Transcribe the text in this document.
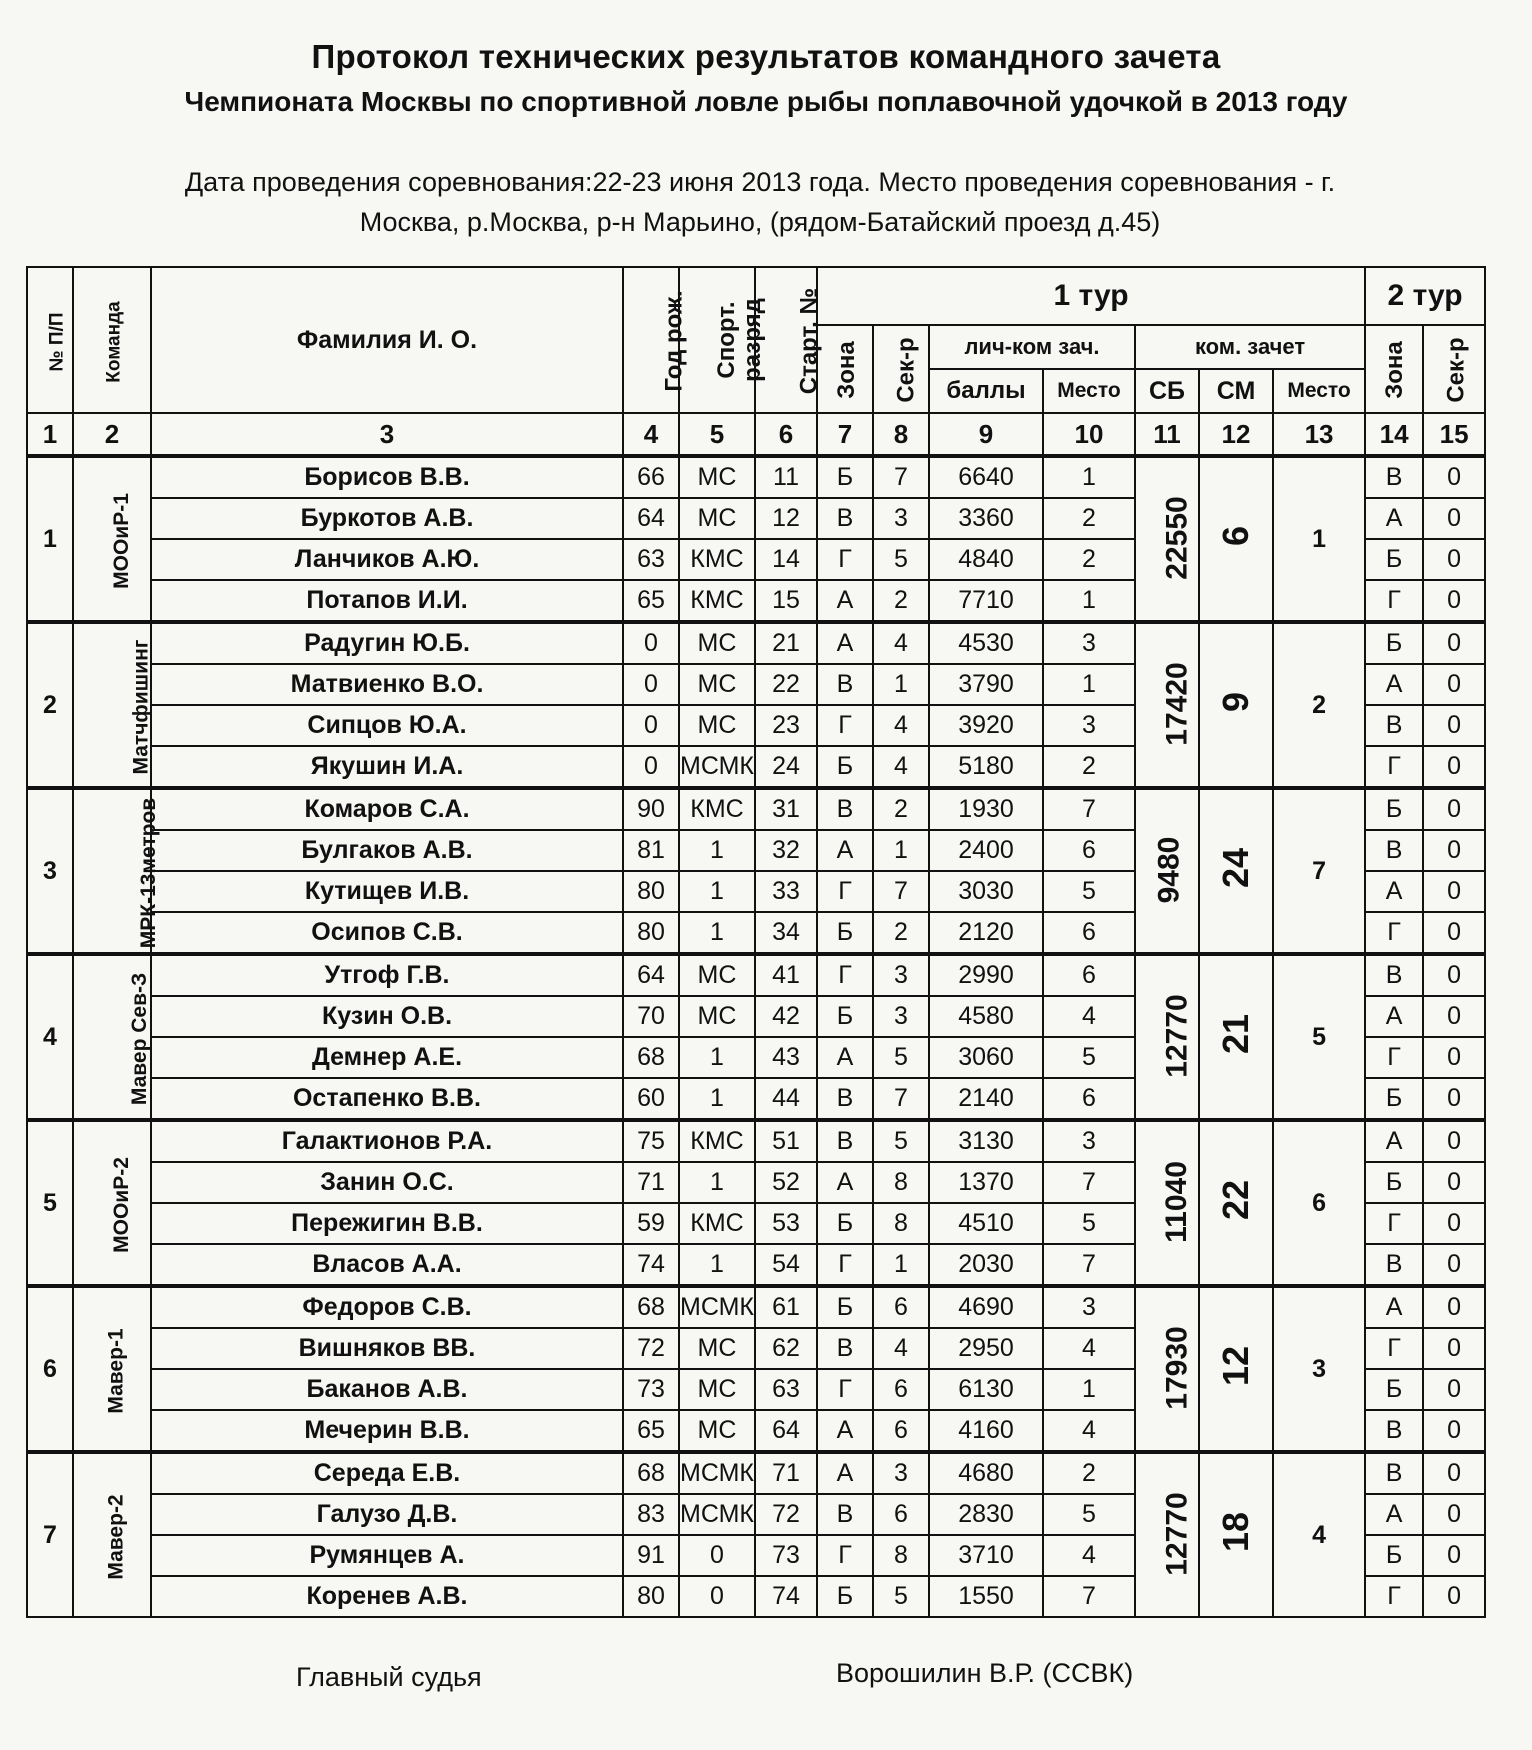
Протокол технических результатов командного зачета
Чемпионата Москвы по спортивной ловле рыбы поплавочной удочкой в 2013 году
Дата проведения соревнования:22-23 июня 2013 года. Место проведения соревнования - г.
Москва, р.Москва, р-н Марьино, (рядом-Батайский проезд д.45)
№ П/П	Команда	Фамилия И. О.	Год рож.	Спорт.
разряд	Старт. №	1 тур							2 тур	
						Зона	Сек-р	лич-ком зач.		ком. зачет			Зона	Сек-р
								баллы	Место	СБ	СМ	Место		
1	2	3	4	5	6	7	8	9	10	11	12	13	14	15
1	МООиР-1	Борисов В.В.	66	МС	11	Б	7	6640	1	22550	6	1	В	0
		Буркотов А.В.	64	МС	12	В	3	3360	2				А	0
		Ланчиков А.Ю.	63	КМС	14	Г	5	4840	2				Б	0
		Потапов И.И.	65	КМС	15	А	2	7710	1				Г	0
2	Матчфишинг	Радугин Ю.Б.	0	МС	21	А	4	4530	3	17420	9	2	Б	0
		Матвиенко В.О.	0	МС	22	В	1	3790	1				А	0
		Сипцов Ю.А.	0	МС	23	Г	4	3920	3				В	0
		Якушин И.А.	0	МСМК	24	Б	4	5180	2				Г	0
3	МРК-13метров	Комаров С.А.	90	КМС	31	В	2	1930	7	9480	24	7	Б	0
		Булгаков А.В.	81	1	32	А	1	2400	6				В	0
		Кутищев И.В.	80	1	33	Г	7	3030	5				А	0
		Осипов С.В.	80	1	34	Б	2	2120	6				Г	0
4	Мавер Сев-З	Утгоф Г.В.	64	МС	41	Г	3	2990	6	12770	21	5	В	0
		Кузин О.В.	70	МС	42	Б	3	4580	4				А	0
		Демнер А.Е.	68	1	43	А	5	3060	5				Г	0
		Остапенко В.В.	60	1	44	В	7	2140	6				Б	0
5	МООиР-2	Галактионов Р.А.	75	КМС	51	В	5	3130	3	11040	22	6	А	0
		Занин О.С.	71	1	52	А	8	1370	7				Б	0
		Пережигин В.В.	59	КМС	53	Б	8	4510	5				Г	0
		Власов А.А.	74	1	54	Г	1	2030	7				В	0
6	Мавер-1	Федоров С.В.	68	МСМК	61	Б	6	4690	3	17930	12	3	А	0
		Вишняков ВВ.	72	МС	62	В	4	2950	4				Г	0
		Баканов А.В.	73	МС	63	Г	6	6130	1				Б	0
		Мечерин В.В.	65	МС	64	А	6	4160	4				В	0
7	Мавер-2	Середа Е.В.	68	МСМК	71	А	3	4680	2	12770	18	4	В	0
		Галузо Д.В.	83	МСМК	72	В	6	2830	5				А	0
		Румянцев А.	91	0	73	Г	8	3710	4				Б	0
		Коренев А.В.	80	0	74	Б	5	1550	7				Г	0
Главный судья	Ворошилин В.Р. (ССВК)
